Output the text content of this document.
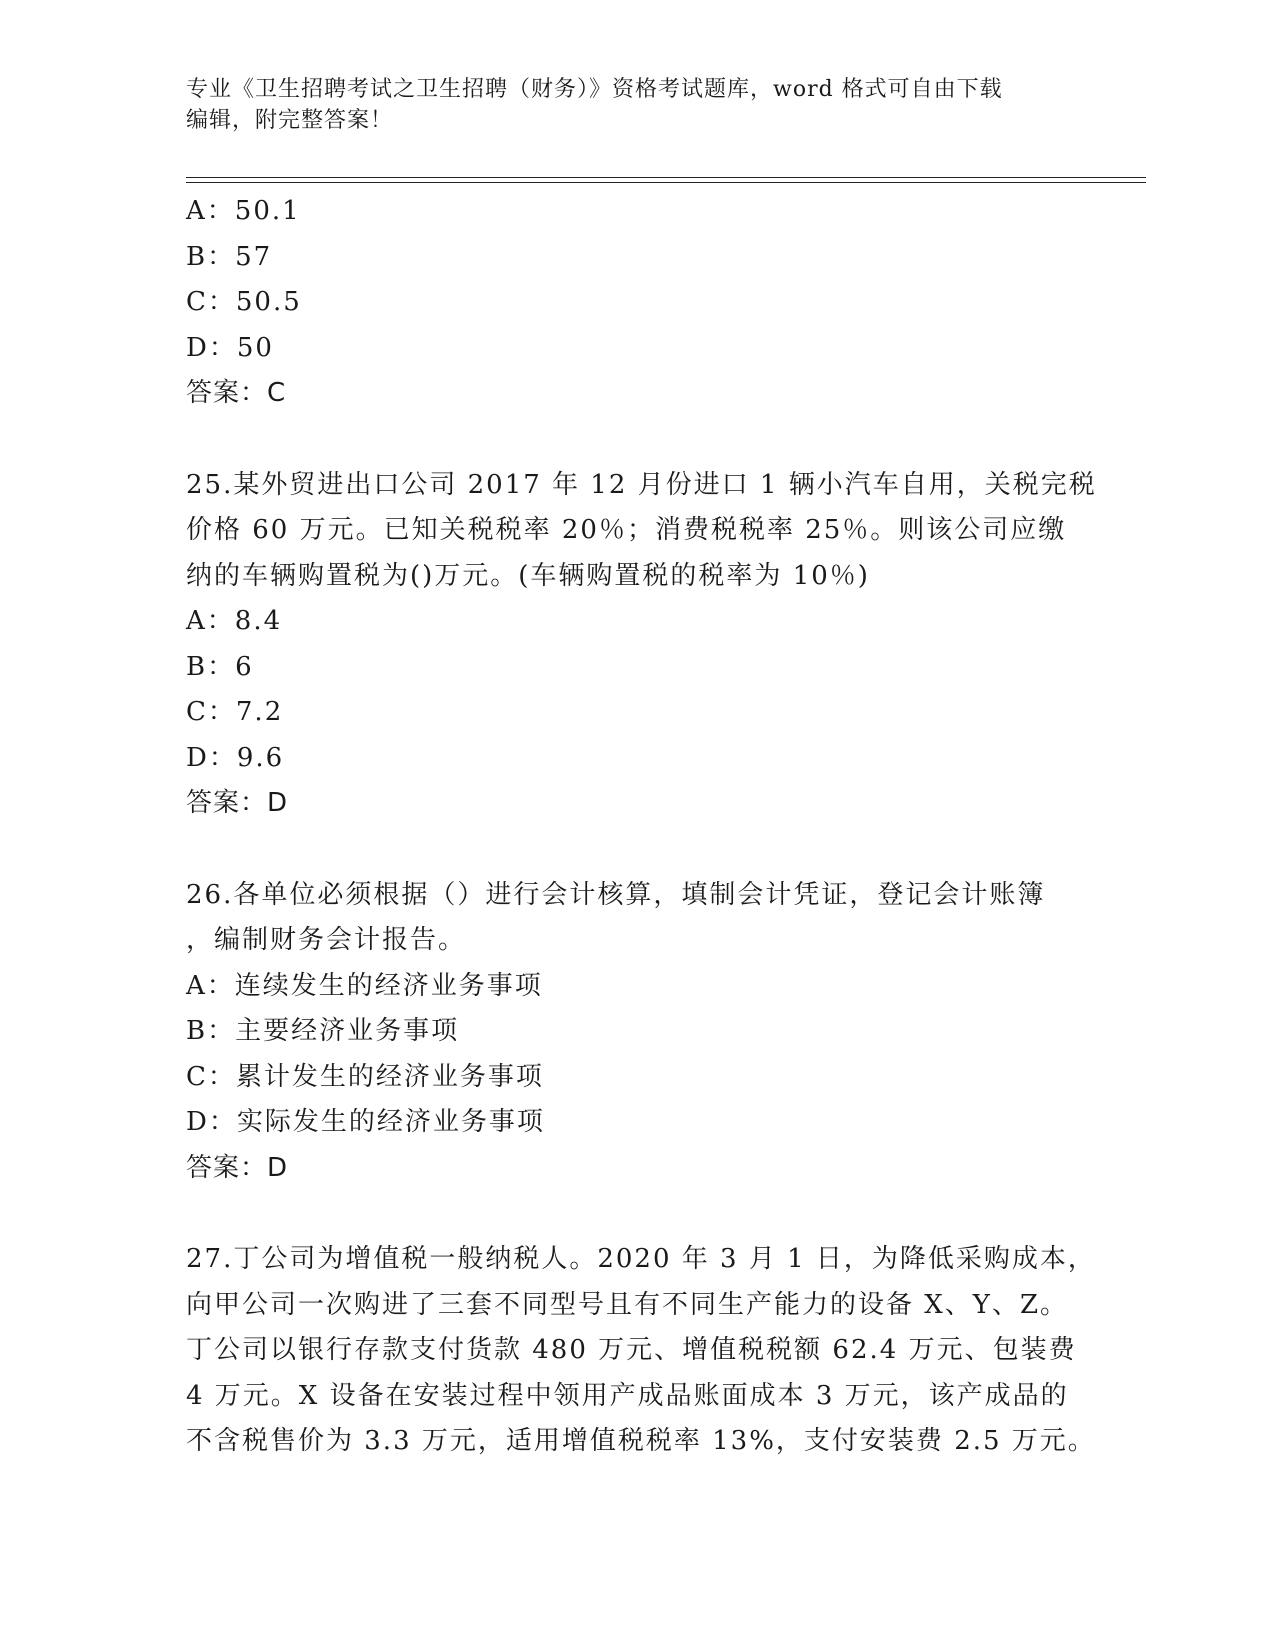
专业《卫生招聘考试之卫生招聘（财务）》资格考试题库，word 格式可自由下载
编辑，附完整答案！
A：50.1
B：57
C：50.5
D：50
答案：C
25.某外贸进出口公司 2017 年 12 月份进口 1 辆小汽车自用，关税完税
价格 60 万元。已知关税税率 20％；消费税税率 25％。则该公司应缴
纳的车辆购置税为()万元。(车辆购置税的税率为 10％)
A：8.4
B：6
C：7.2
D：9.6
答案：D
26.各单位必须根据（）进行会计核算，填制会计凭证，登记会计账簿
，编制财务会计报告。
A：连续发生的经济业务事项
B：主要经济业务事项
C：累计发生的经济业务事项
D：实际发生的经济业务事项
答案：D
27.丁公司为增值税一般纳税人。2020 年 3 月 1 日，为降低采购成本，
向甲公司一次购进了三套不同型号且有不同生产能力的设备 X、Y、Z。
丁公司以银行存款支付货款 480 万元、增值税税额 62.4 万元、包装费
4 万元。X 设备在安装过程中领用产成品账面成本 3 万元，该产成品的
不含税售价为 3.3 万元，适用增值税税率 13%，支付安装费 2.5 万元。
